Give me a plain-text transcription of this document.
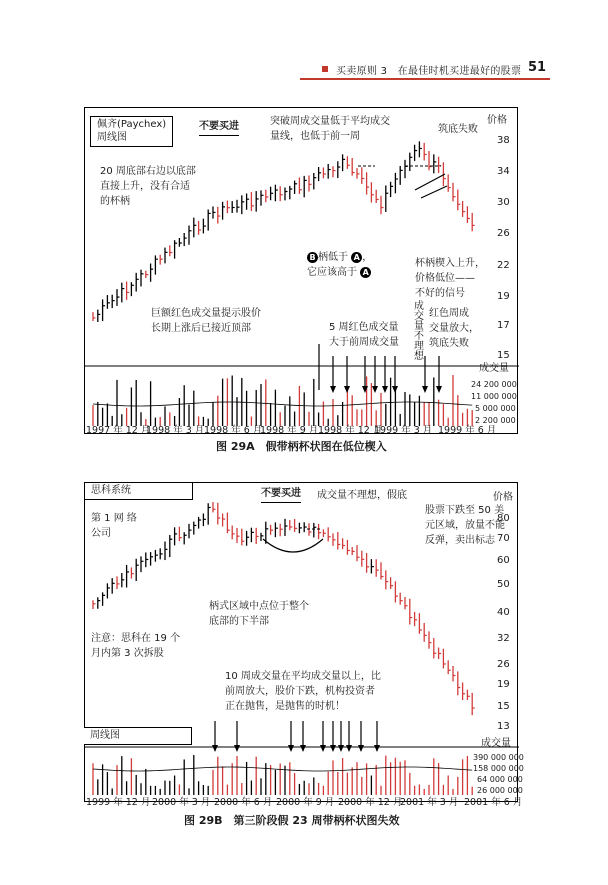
买卖原则 3　 在最佳时机买进最好的股票 51
佩齐(Paychex)
周线图
不要买进	突破周成交量低于平均成交
量线，也低于前一周
筑底失败
价格
20 周底部右边以底部
直接上升，没有合适
的杯柄
B 柄低于 A ，
它应该高于 A
杯柄楔入上升，
价格低位——
不好的信号
巨额红色成交量提示股价
长期上涨后已接近顶部	5 周红色成交量
大于前周成交量
成
交
量
不
理
想
红色周成
交量放大，
筑底失败
成交量
38
34
30
26
22
19
17
15
24 200 000
11 000 000
5 000 000
2 200 000
1997 年 12 月
1998 年 3 月 1998 年 6 月
1998 年 9 月 1998 年 12 月
1999 年 3 月 1999 年 6 月
图 29A　假带柄杯状图在低位楔入
思科系统	不要买进 成交量不理想，假底	价格
第 1 网 络
公司
股票下跌至 50 美
元区域，放量不能
反弹，卖出标志
柄式区域中点位于整个
底部的下半部
注意：思科在 19 个
月内第 3 次拆股
10 周成交量在平均成交量以上，比
前周放大，股价下跌，机构投资者
正在抛售，是抛售的时机！
周线图
成交量
80
70
60
50
40
32
26
19
15
13
390 000 000
158 000 000
64 000 000
26 000 000
1999 年 12 月 2000 年 3 月 2000 年 6 月 2000 年 9 月 2000 年 12 月
2001 年 3 月 2001 年 6 月
图 29B　第三阶段假 23 周带柄杯状图失效
